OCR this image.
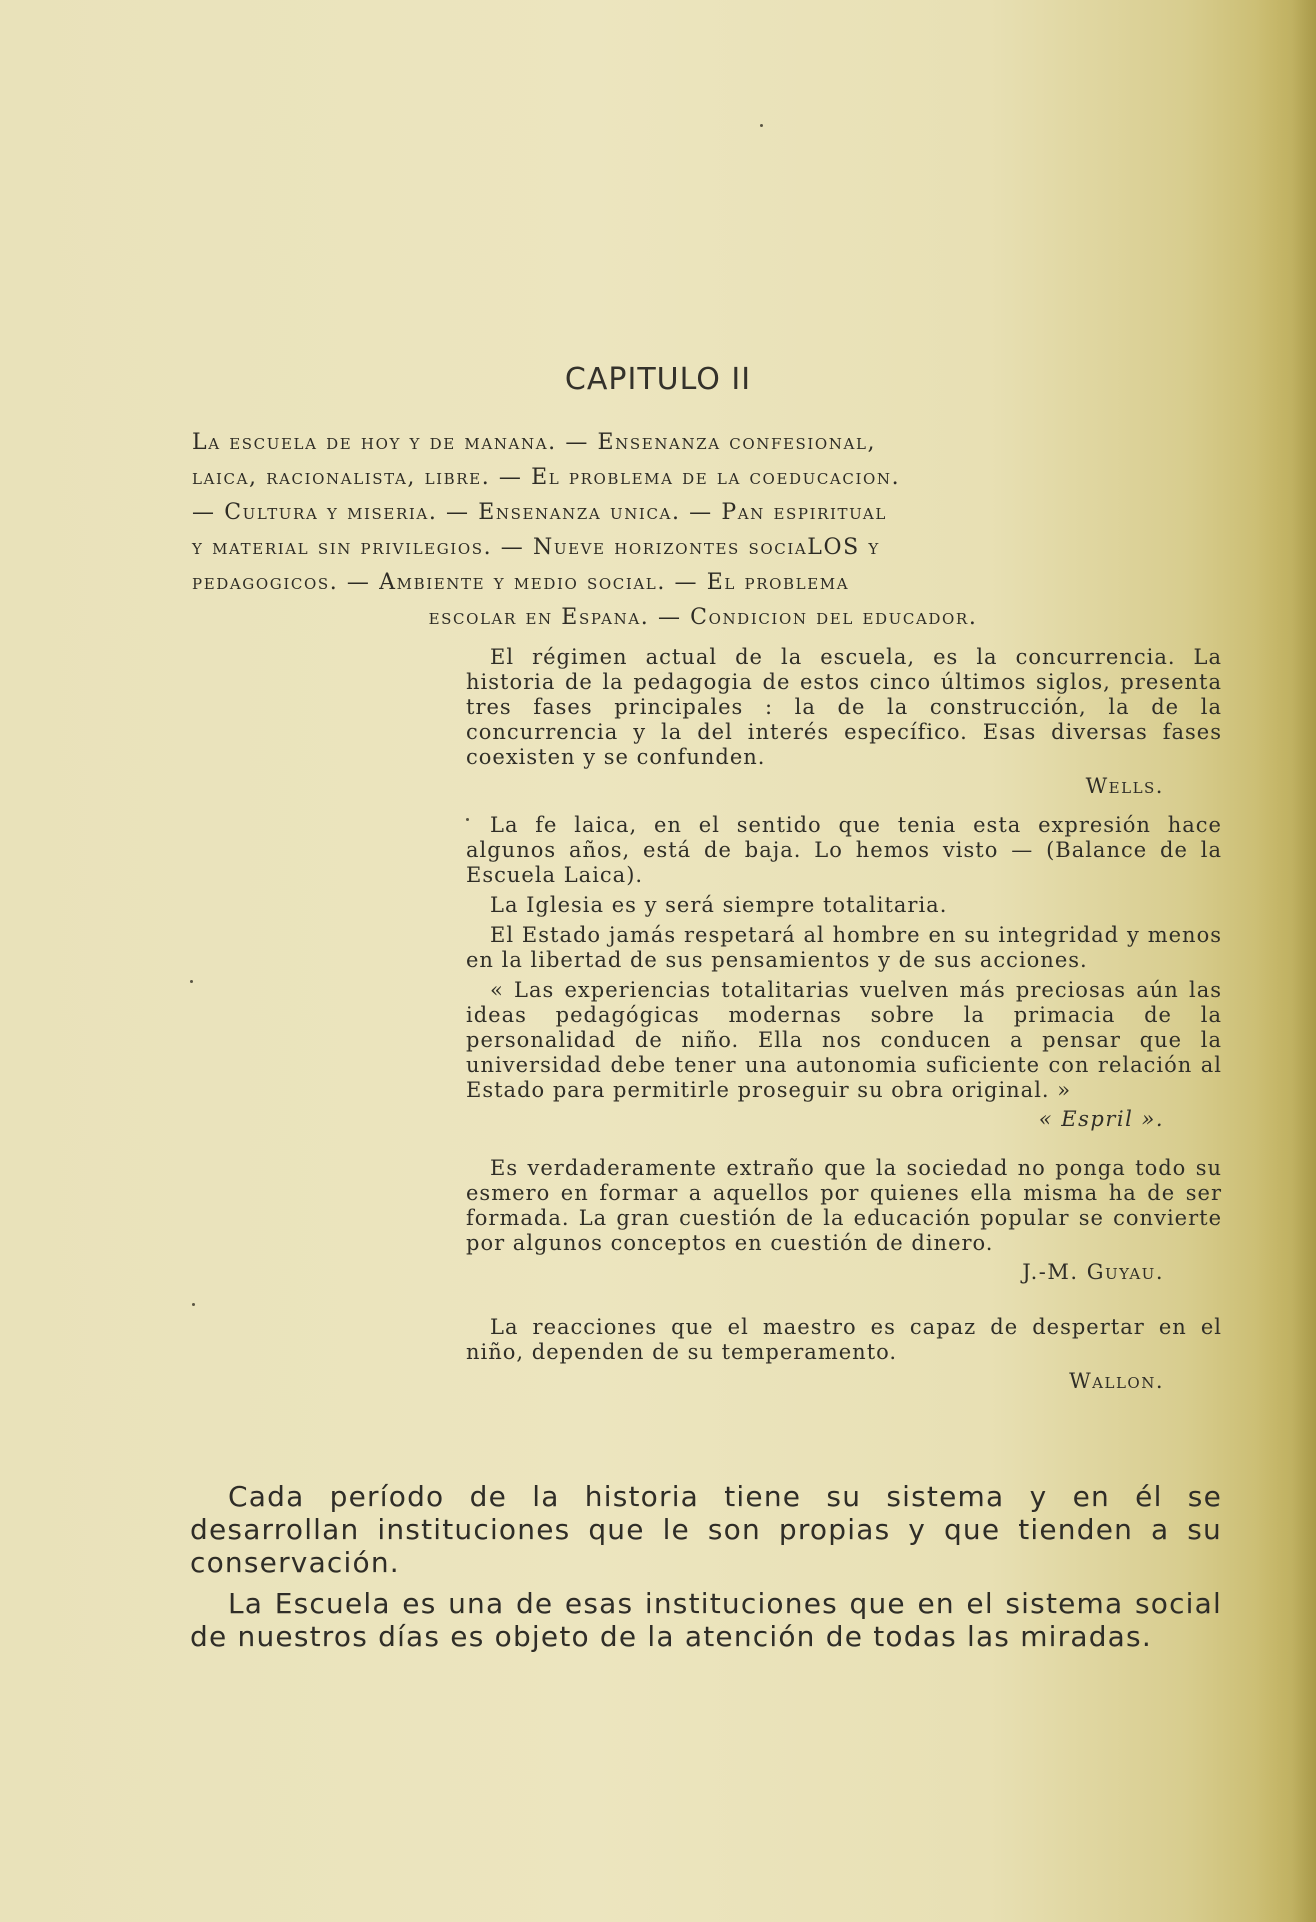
CAPITULO II
La escuela de hoy y de manana. — Ensenanza confesional,
laica, racionalista, libre. — El problema de la coeducacion.
— Cultura y miseria. — Ensenanza unica. — Pan espiritual
y material sin privilegios. — Nueve horizontes sociaLOS y
pedagogicos. — Ambiente y medio social. — El problema
escolar en Espana. — Condicion del educador.

El régimen actual de la escuela, es la concurrencia. La historia de la pedagogia de estos cinco últimos siglos, presenta tres fases principales : la de la construcción, la de la concurrencia y la del interés específico. Esas diversas fases coexisten y se confunden.

Wells.

La fe laica, en el sentido que tenia esta expresión hace algunos años, está de baja. Lo hemos visto — (Balance de la Escuela Laica).

La Iglesia es y será siempre totalitaria.

El Estado jamás respetará al hombre en su integridad y menos en la libertad de sus pensamientos y de sus acciones.

« Las experiencias totalitarias vuelven más preciosas aún las ideas pedagógicas modernas sobre la primacia de la personalidad de niño. Ella nos conducen a pensar que la universidad debe tener una autonomia suficiente con relación al Estado para permitirle proseguir su obra original. »

« Espril ».

Es verdaderamente extraño que la sociedad no ponga todo su esmero en formar a aquellos por quienes ella misma ha de ser formada. La gran cuestión de la educación popular se convierte por algunos conceptos en cuestión de dinero.

J.-M. Guyau.

La reacciones que el maestro es capaz de despertar en el niño, dependen de su temperamento.

Wallon.

Cada período de la historia tiene su sistema y en él se desarrollan instituciones que le son propias y que tienden a su conservación.

La Escuela es una de esas instituciones que en el sistema social de nuestros días es objeto de la atención de todas las miradas.
